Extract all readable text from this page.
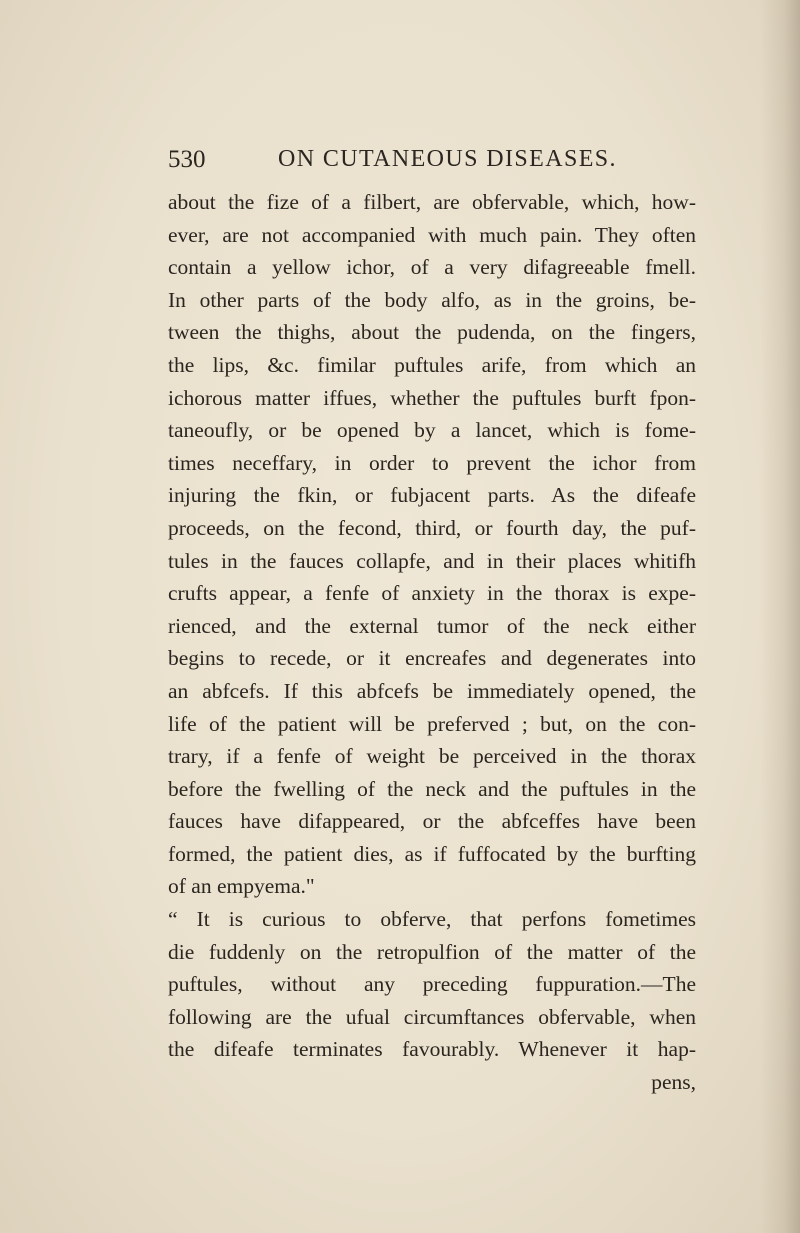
530	ON CUTANEOUS DISEASES.
about the fize of a filbert, are obfervable, which, how-
ever, are not accompanied with much pain. They often
contain a yellow ichor, of a very difagreeable fmell.
In other parts of the body alfo, as in the groins, be-
tween the thighs, about the pudenda, on the fingers,
the lips, &c. fimilar puftules arife, from which an
ichorous matter iffues, whether the puftules burft fpon-
taneoufly, or be opened by a lancet, which is fome-
times neceffary, in order to prevent the ichor from
injuring the fkin, or fubjacent parts. As the difeafe
proceeds, on the fecond, third, or fourth day, the puf-
tules in the fauces collapfe, and in their places whitifh
crufts appear, a fenfe of anxiety in the thorax is expe-
rienced, and the external tumor of the neck either
begins to recede, or it encreafes and degenerates into
an abfcefs. If this abfcefs be immediately opened, the
life of the patient will be preferved ; but, on the con-
trary, if a fenfe of weight be perceived in the thorax
before the fwelling of the neck and the puftules in the
fauces have difappeared, or the abfceffes have been
formed, the patient dies, as if fuffocated by the burfting
of an empyema."
“ It is curious to obferve, that perfons fometimes
die fuddenly on the retropulfion of the matter of the
puftules, without any preceding fuppuration.—The
following are the ufual circumftances obfervable, when
the difeafe terminates favourably. Whenever it hap-
pens,
